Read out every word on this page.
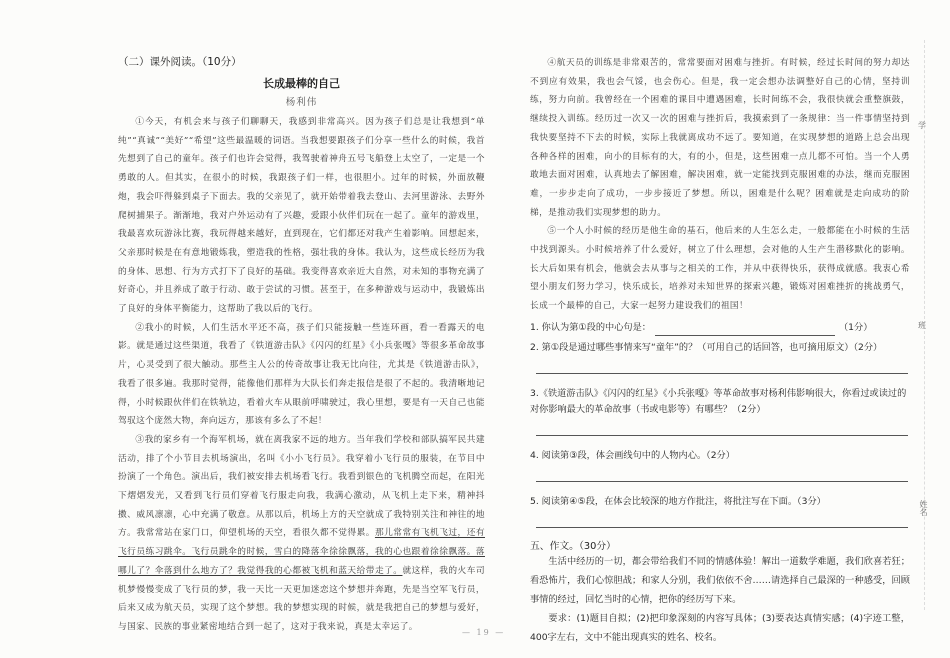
（二）课外阅读。（10分）
长成最棒的自己
杨利伟

①今天，有机会来与孩子们聊聊天，我感到非常高兴。因为孩子们总是让我想到“单纯”“真诚”“美好”“希望”这些最温暖的词语。当我想要跟孩子们分享一些什么的时候，我首先想到了自己的童年。孩子们也许会觉得，我驾驶着神舟五号飞船登上太空了，一定是一个勇敢的人。但其实，在很小的时候，我跟孩子们一样，也很胆小。过年的时候，外面放鞭炮，我会吓得躲到桌子下面去。我的父亲见了，就开始带着我去登山、去河里游泳、去野外爬树捕果子。渐渐地，我对户外运动有了兴趣，爱跟小伙伴们玩在一起了。童年的游戏里，我最喜欢玩游泳比赛，我玩得越来越好，直到现在，它们都还对我产生着影响。回想起来，父亲那时候是在有意地锻炼我，塑造我的性格，强壮我的身体。我认为，这些成长经历为我的身体、思想、行为方式打下了良好的基础。我变得喜欢亲近大自然，对未知的事物充满了好奇心，并且养成了敢于行动、敢于尝试的习惯。甚至于，在多种游戏与运动中，我锻炼出了良好的身体平衡能力，这帮助了我以后的飞行。

②我小的时候，人们生活水平还不高，孩子们只能接触一些连环画，看一看露天的电影。就是通过这些渠道，我看了《铁道游击队》《闪闪的红星》《小兵张嘎》等很多革命故事片，心灵受到了很大触动。那些主人公的传奇故事让我无比向往，尤其是《铁道游击队》，我看了很多遍。我那时觉得，能像他们那样为大队长们奔走报信是很了不起的。我清晰地记得，小时候跟伙伴们在铁轨边，看着火车从眼前呼啸驶过，我心里想，要是有一天自己也能驾驭这个庞然大物，奔向远方，那该有多么了不起！

③我的家乡有一个海军机场，就在离我家不远的地方。当年我们学校和部队搞军民共建活动，排了个小节目去机场演出，名叫《小小飞行员》。我穿着小飞行员的服装，在节目中扮演了一个角色。演出后，我们被安排去机场看飞行。我看到银色的飞机腾空而起，在阳光下熠熠发光，又看到飞行员们穿着飞行服走向我，我满心激动，从飞机上走下来，精神抖擞、威风凛凛，心中充满了敬意。从那以后，机场上方的天空就成了我特别关注和神往的地方。我常常站在家门口，仰望机场的天空，看很久都不觉得累。那儿常常有飞机飞过，还有飞行员练习跳伞。飞行员跳伞的时候，雪白的降落伞徐徐飘落，我的心也跟着徐徐飘落。落哪儿了？伞落到什么地方了？我觉得我的心都被飞机和蓝天给带走了。就这样，我的火车司机梦慢慢变成了飞行员的梦，我一天比一天更加迷恋这个梦想并奔跑，先是当空军飞行员，后来又成为航天员，实现了这个梦想。我的梦想实现的时候，就是我把自己的梦想与爱好，与国家、民族的事业紧密地结合到一起了，这对于我来说，真是太幸运了。

④航天员的训练是非常艰苦的，常常要面对困难与挫折。有时候，经过长时间的努力却达不到应有效果，我也会气馁，也会伤心。但是，我一定会想办法调整好自己的心情，坚持训练，努力向前。我曾经在一个困难的课目中遭遇困难，长时间练不会，我很快就会重整旗鼓，继续投入训练。经历过一次又一次的困难与挫折后，我摸索到了一条规律：当一件事情坚持到我快要坚持不下去的时候，实际上我就离成功不远了。要知道，在实现梦想的道路上总会出现各种各样的困难，向小的目标有的大，有的小，但是，这些困难一点儿都不可怕。当一个人勇敢地去面对困难，认真地去了解困难，解决困难，就一定能找到克服困难的办法，继而克服困难，一步步走向了成功，一步步接近了梦想。所以，困难是什么呢？困难就是走向成功的阶梯，是推动我们实现梦想的助力。

⑤一个人小时候的经历是他生命的基石，他后来的人生怎么走，一般都能在小时候的生活中找到源头。小时候培养了什么爱好，树立了什么理想，会对他的人生产生潜移默化的影响。长大后如果有机会，他就会去从事与之相关的工作，并从中获得快乐，获得成就感。我衷心希望小朋友们努力学习，快乐成长，培养对未知世界的探索兴趣，锻炼对困难挫折的挑战勇气，长成一个最棒的自己，大家一起努力建设我们的祖国！

1. 你认为第①段的中心句是：	（1分）
2. 第①段是通过哪些事情来写“童年”的？（可用自己的话回答，也可摘用原文）（2分）
3.《铁道游击队》《闪闪的红星》《小兵张嘎》等革命故事对杨利伟影响很大，你看过或读过的对你影响最大的革命故事（书或电影等）有哪些？（2分）
4. 阅读第③段，体会画线句中的人物内心。（2分）
5. 阅读第④⑤段，在体会比较深的地方作批注，将批注写在下面。（3分）
五、作文。（30分）

生活中经历的一切，都会带给我们不同的情感体验！解出一道数学难题，我们欣喜若狂；看恐怖片，我们心惊胆战；和家人分别，我们依依不舍……请选择自己最深的一种感受，回顾事情的经过，回忆当时的心情，把你的经历写下来。

要求：(1)题目自拟；(2)把印象深刻的内容写具体；(3)要表达真情实感；(4)字迹工整，400字左右，文中不能出现真实的姓名、校名。

— 19 —
学
班
姓名
